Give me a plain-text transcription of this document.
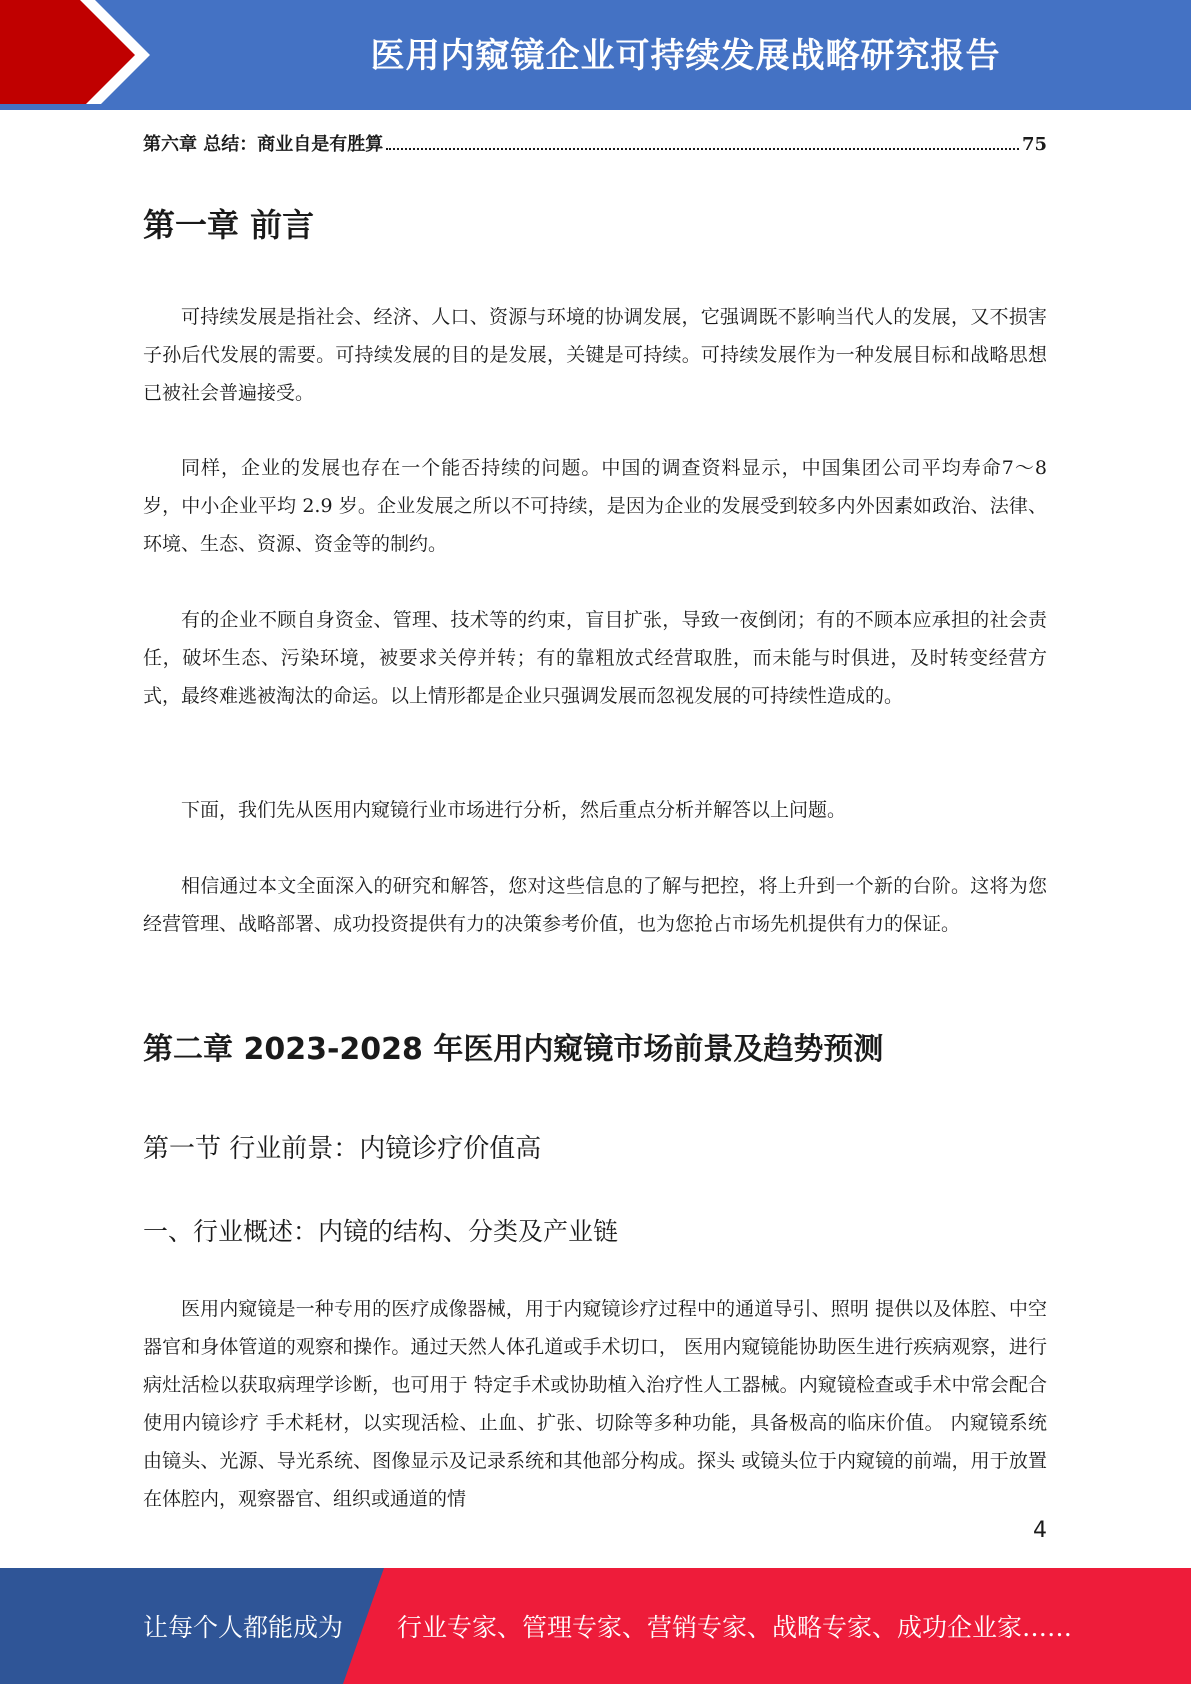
医用内窥镜企业可持续发展战略研究报告
第六章 总结：商业自是有胜算	75
第一章 前言

可持续发展是指社会、经济、人口、资源与环境的协调发展，它强调既不影响当代人的发展，又不损害子孙后代发展的需要。可持续发展的目的是发展，关键是可持续。可持续发展作为一种发展目标和战略思想已被社会普遍接受。

同样，企业的发展也存在一个能否持续的问题。中国的调查资料显示，中国集团公司平均寿命7～8 岁，中小企业平均 2.9 岁。企业发展之所以不可持续，是因为企业的发展受到较多内外因素如政治、法律、环境、生态、资源、资金等的制约。

有的企业不顾自身资金、管理、技术等的约束，盲目扩张，导致一夜倒闭；有的不顾本应承担的社会责任，破坏生态、污染环境，被要求关停并转；有的靠粗放式经营取胜，而未能与时俱进，及时转变经营方式，最终难逃被淘汰的命运。以上情形都是企业只强调发展而忽视发展的可持续性造成的。

下面，我们先从医用内窥镜行业市场进行分析，然后重点分析并解答以上问题。

相信通过本文全面深入的研究和解答，您对这些信息的了解与把控，将上升到一个新的台阶。这将为您经营管理、战略部署、成功投资提供有力的决策参考价值，也为您抢占市场先机提供有力的保证。

第二章 2023-2028 年医用内窥镜市场前景及趋势预测
第一节 行业前景：内镜诊疗价值高
一、行业概述：内镜的结构、分类及产业链

医用内窥镜是一种专用的医疗成像器械，用于内窥镜诊疗过程中的通道导引、照明 提供以及体腔、中空器官和身体管道的观察和操作。通过天然人体孔道或手术切口， 医用内窥镜能协助医生进行疾病观察，进行病灶活检以获取病理学诊断，也可用于 特定手术或协助植入治疗性人工器械。内窥镜检查或手术中常会配合使用内镜诊疗 手术耗材，以实现活检、止血、扩张、切除等多种功能，具备极高的临床价值。 内窥镜系统由镜头、光源、导光系统、图像显示及记录系统和其他部分构成。探头 或镜头位于内窥镜的前端，用于放置在体腔内，观察器官、组织或通道的情

4
让每个人都能成为 行业专家、管理专家、营销专家、战略专家、成功企业家……
